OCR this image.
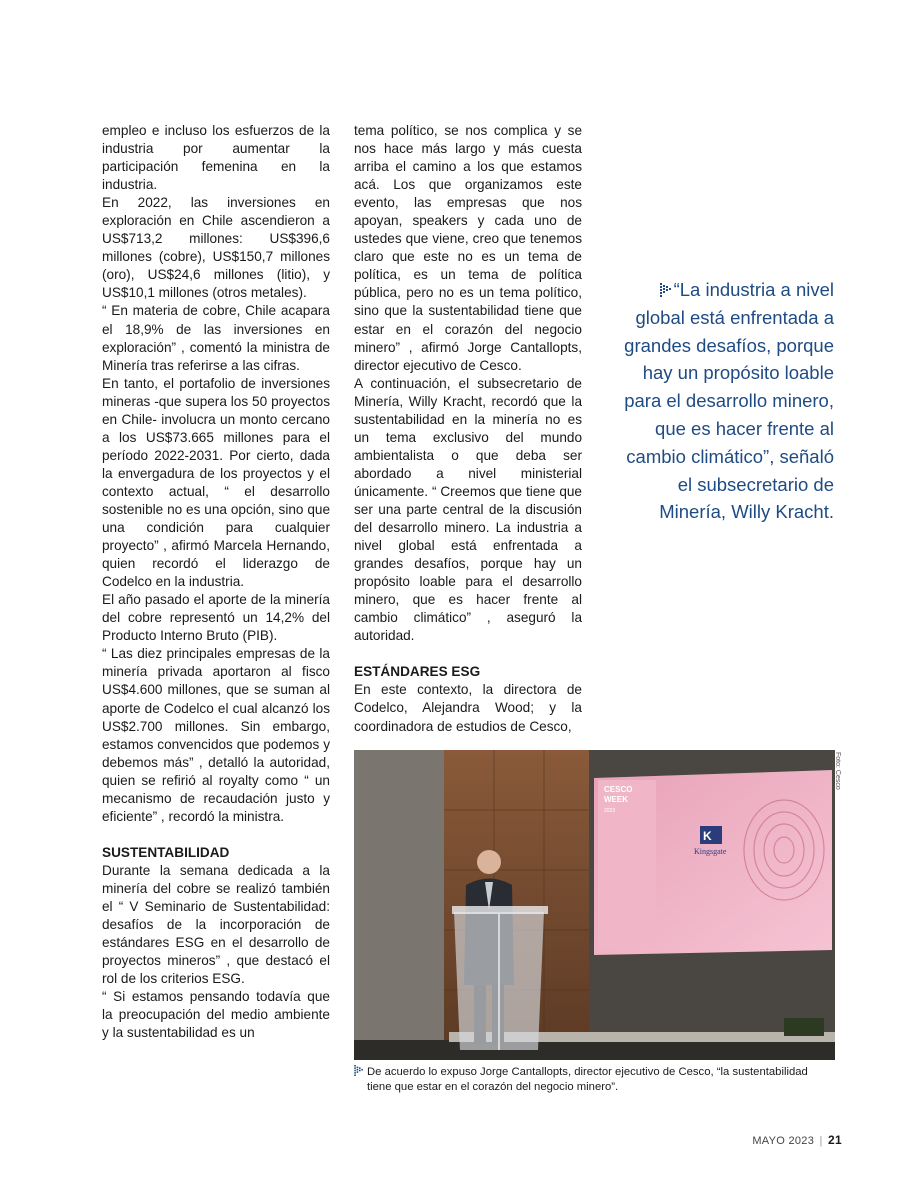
empleo e incluso los esfuerzos de la industria por aumentar la participación femenina en la industria.

En 2022, las inversiones en exploración en Chile ascendieron a US$713,2 millones: US$396,6 millones (cobre), US$150,7 millones (oro), US$24,6 millones (litio), y US$10,1 millones (otros metales).

“ En materia de cobre, Chile acapara el 18,9% de las inversiones en exploración” , comentó la ministra de Minería tras referirse a las cifras.

En tanto, el portafolio de inversiones mineras -que supera los 50 proyectos en Chile- involucra un monto cercano a los US$73.665 millones para el período 2022-2031. Por cierto, dada la envergadura de los proyectos y el contexto actual, “ el desarrollo sostenible no es una opción, sino que una condición para cualquier proyecto” , afirmó Marcela Hernando, quien recordó el liderazgo de Codelco en la industria.

El año pasado el aporte de la minería del cobre representó un 14,2% del Producto Interno Bruto (PIB).

“ Las diez principales empresas de la minería privada aportaron al fisco US$4.600 millones, que se suman al aporte de Codelco el cual alcanzó los US$2.700 millones. Sin embargo, estamos convencidos que podemos y debemos más” , detalló la autoridad, quien se refirió al royalty como “ un mecanismo de recaudación justo y eficiente” , recordó la ministra.

SUSTENTABILIDAD

Durante la semana dedicada a la minería del cobre se realizó también el “ V Seminario de Sustentabilidad: desafíos de la incorporación de estándares ESG en el desarrollo de proyectos mineros” , que destacó el rol de los criterios ESG.

“ Si estamos pensando todavía que la preocupación del medio ambiente y la sustentabilidad es un

tema político, se nos complica y se nos hace más largo y más cuesta arriba el camino a los que estamos acá. Los que organizamos este evento, las empresas que nos apoyan, speakers y cada uno de ustedes que viene, creo que tenemos claro que este no es un tema de política, es un tema de política pública, pero no es un tema político, sino que la sustentabilidad tiene que estar en el corazón del negocio minero” , afirmó Jorge Cantallopts, director ejecutivo de Cesco.

A continuación, el subsecretario de Minería, Willy Kracht, recordó que la sustentabilidad en la minería no es un tema exclusivo del mundo ambientalista o que deba ser abordado a nivel ministerial únicamente. “ Creemos que tiene que ser una parte central de la discusión del desarrollo minero. La industria a nivel global está enfrentada a grandes desafíos, porque hay un propósito loable para el desarrollo minero, que es hacer frente al cambio climático” , aseguró la autoridad.

ESTÁNDARES ESG

En este contexto, la directora de Codelco, Alejandra Wood; y la coordinadora de estudios de Cesco,

“La industria a nivel global está enfrentada a grandes desafíos, porque hay un propósito loable para el desarrollo minero, que es hacer frente al cambio climático”, señaló el subsecretario de Minería, Willy Kracht.
CESCO
WEEK
2023
K
Kingsgate
Foto: Cesco
De acuerdo lo expuso Jorge Cantallopts, director ejecutivo de Cesco, “la sustentabilidad
tiene que estar en el corazón del negocio minero”.
MAYO 2023 | 21
